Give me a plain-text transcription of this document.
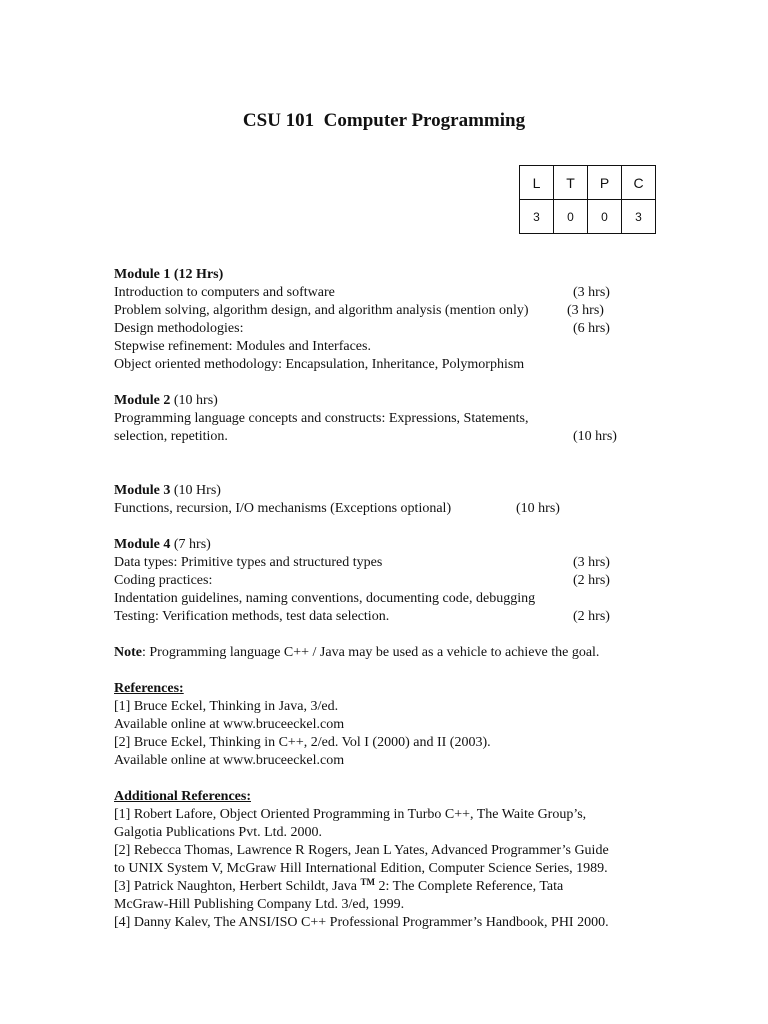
CSU 101  Computer Programming
L	T	P	C
3	0	0	3
Module 1 (12 Hrs)
Introduction to computers and software	(3 hrs)
Problem solving, algorithm design, and algorithm analysis (mention only)	(3 hrs)
Design methodologies:	(6 hrs)
Stepwise refinement: Modules and Interfaces.
Object oriented methodology: Encapsulation, Inheritance, Polymorphism
Module 2 (10 hrs)
Programming language concepts and constructs: Expressions, Statements,
selection, repetition.	(10 hrs)
Module 3 (10 Hrs)
Functions, recursion, I/O mechanisms (Exceptions optional)	(10 hrs)
Module 4 (7 hrs)
Data types: Primitive types and structured types	(3 hrs)
Coding practices:	(2 hrs)
Indentation guidelines, naming conventions, documenting code, debugging
Testing: Verification methods, test data selection.	(2 hrs)
Note: Programming language C++ / Java may be used as a vehicle to achieve the goal.
References:
[1] Bruce Eckel, Thinking in Java, 3/ed.
Available online at www.bruceeckel.com
[2] Bruce Eckel, Thinking in C++, 2/ed. Vol I (2000) and II (2003).
Available online at www.bruceeckel.com
Additional References:
[1] Robert Lafore, Object Oriented Programming in Turbo C++, The Waite Group’s,
Galgotia Publications Pvt. Ltd. 2000.
[2] Rebecca Thomas, Lawrence R Rogers, Jean L Yates, Advanced Programmer’s Guide
to UNIX System V, McGraw Hill International Edition, Computer Science Series, 1989.
[3] Patrick Naughton, Herbert Schildt, Java ™ 2: The Complete Reference, Tata
McGraw-Hill Publishing Company Ltd. 3/ed, 1999.
[4] Danny Kalev, The ANSI/ISO C++ Professional Programmer’s Handbook, PHI 2000.
